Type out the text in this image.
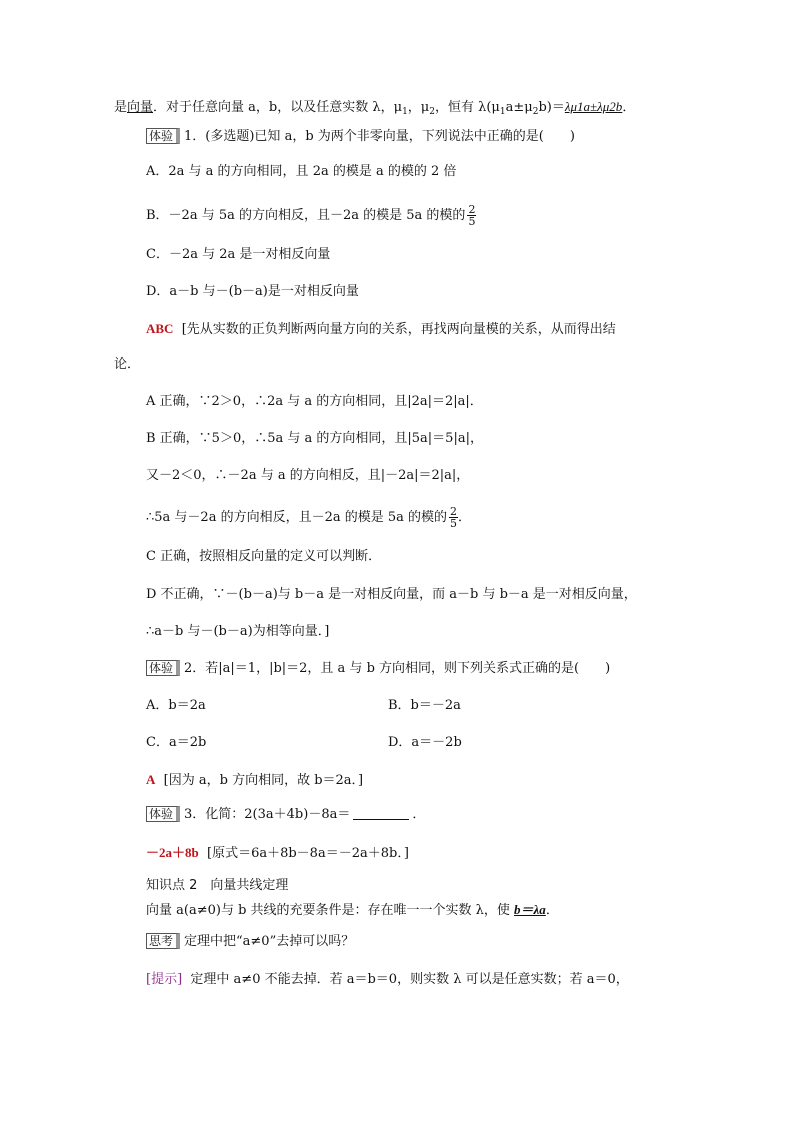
是向量．对于任意向量 a，b，以及任意实数 λ，$\mu_1$，$\mu_2$，恒有 $\lambda(\mu_1a\pm\mu_2b)=\lambda\mu 1a\pm\lambda\mu 2b$．
体验 1．(多选题)已知 a，b 为两个非零向量，下列说法中正确的是(　　)
A．2a 与 a 的方向相同，且 2a 的模是 a 的模的 2 倍
B．－2a 与 5a 的方向相反，且－2a 的模是 5a 的模的 $\frac{2}{5}$
C．－2a 与 2a 是一对相反向量
D．a－b 与－(b－a)是一对相反向量
ABC [先从实数的正负判断两向量方向的关系，再找两向量模的关系，从而得出结
论．
A 正确，∵2＞0，∴2a 与 a 的方向相同，且|2a|＝2|a|．
B 正确，∵5＞0，∴5a 与 a 的方向相同，且|5a|＝5|a|，
又－2＜0，∴－2a 与 a 的方向相反，且|－2a|＝2|a|，
∴5a 与－2a 的方向相反，且－2a 的模是 5a 的模的 $\frac{2}{5}$ ．
C 正确，按照相反向量的定义可以判断．
D 不正确，∵－(b－a)与 b－a 是一对相反向量，而 a－b 与 b－a 是一对相反向量，
∴a－b 与－(b－a)为相等向量．]
体验 2．若|a|＝1，|b|＝2，且 a 与 b 方向相同，则下列关系式正确的是(　　)
A．b＝2a	B．b＝－2a
C．a＝2b	D．a＝－2b
A [因为 a，b 方向相同，故 b＝2a．]
体验 3．化简：2(3a＋4b)－8a＝	．
－2a＋8b [原式＝6a＋8b－8a＝－2a＋8b．]
知识点 2　向量共线定理
向量 a(a≠0)与 b 共线的充要条件是：存在唯一一个实数 λ，使 b＝λa．
思考 定理中把“a≠0”去掉可以吗？
[提示] 定理中 a≠0 不能去掉．若 a＝b＝0，则实数 λ 可以是任意实数；若 a＝0，
